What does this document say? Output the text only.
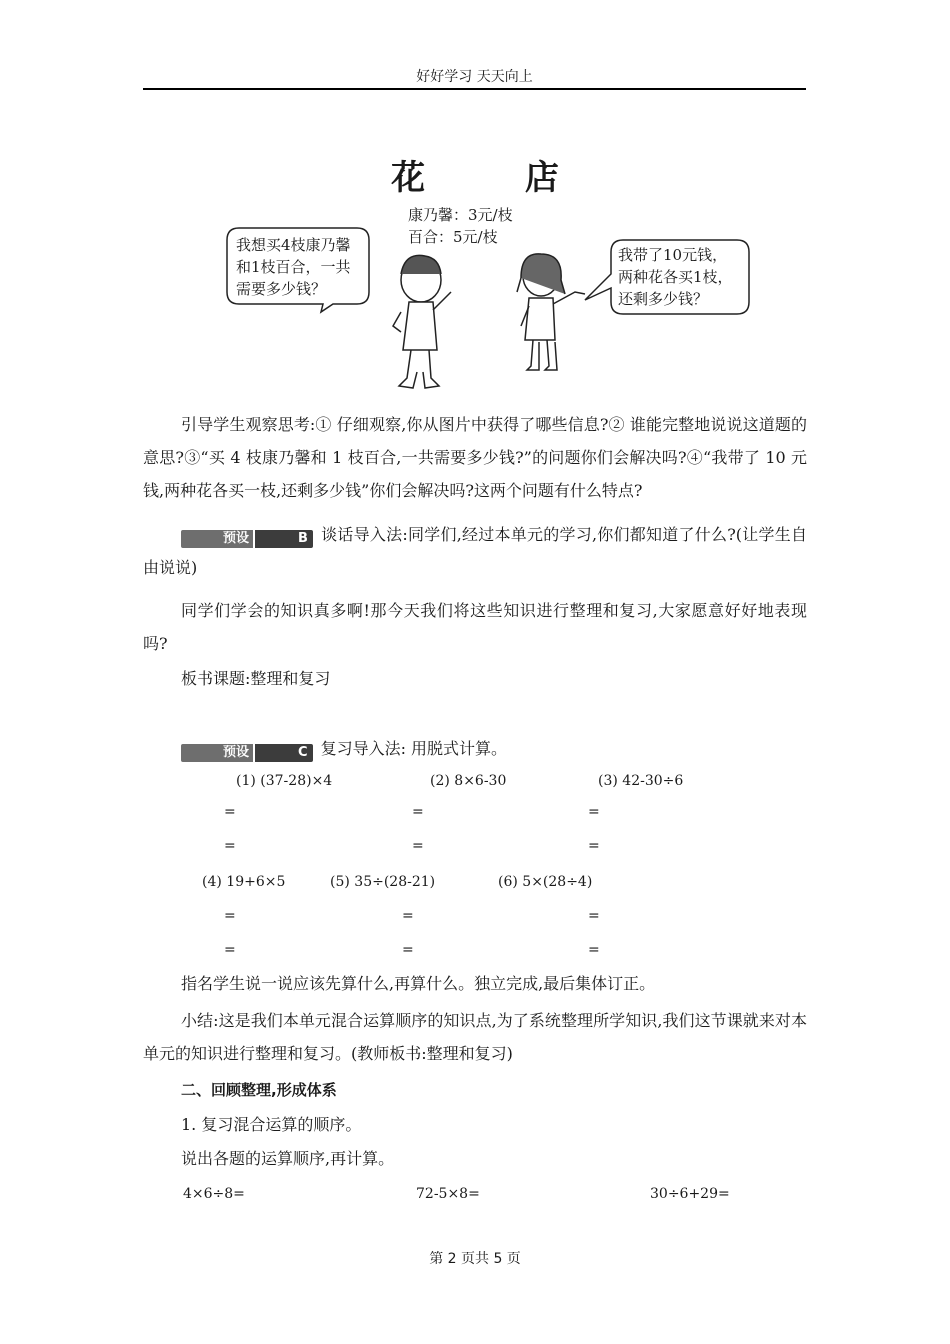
好好学习 天天向上
花 店
康乃馨：3元/枝
百合：5元/枝
我想买4枝康乃馨
和1枝百合，一共
需要多少钱？
我带了10元钱，
两种花各买1枝，
还剩多少钱？
引导学生观察思考:① 仔细观察,你从图片中获得了哪些信息?② 谁能完整地说说这道题的意思?③“买 4 枝康乃馨和 1 枝百合,一共需要多少钱?”的问题你们会解决吗?④“我带了 10 元钱,两种花各买一枝,还剩多少钱”你们会解决吗?这两个问题有什么特点?
预设	B 谈话导入法:同学们,经过本单元的学习,你们都知道了什么?(让学生自由说说)
同学们学会的知识真多啊!那今天我们将这些知识进行整理和复习,大家愿意好好地表现吗?
板书课题:整理和复习
预设	C 复习导入法: 用脱式计算。
(1) (37-28)×4	(2) 8×6-30	(3) 42-30÷6
=	=	=
=	=	=
(4) 19+6×5	(5) 35÷(28-21)	(6) 5×(28÷4)
=	=	=
=	=	=
指名学生说一说应该先算什么,再算什么。独立完成,最后集体订正。
小结:这是我们本单元混合运算顺序的知识点,为了系统整理所学知识,我们这节课就来对本单元的知识进行整理和复习。(教师板书:整理和复习)
二、回顾整理,形成体系
1. 复习混合运算的顺序。
说出各题的运算顺序,再计算。
4×6÷8=	72-5×8=	30÷6+29=
第 2 页共 5 页
